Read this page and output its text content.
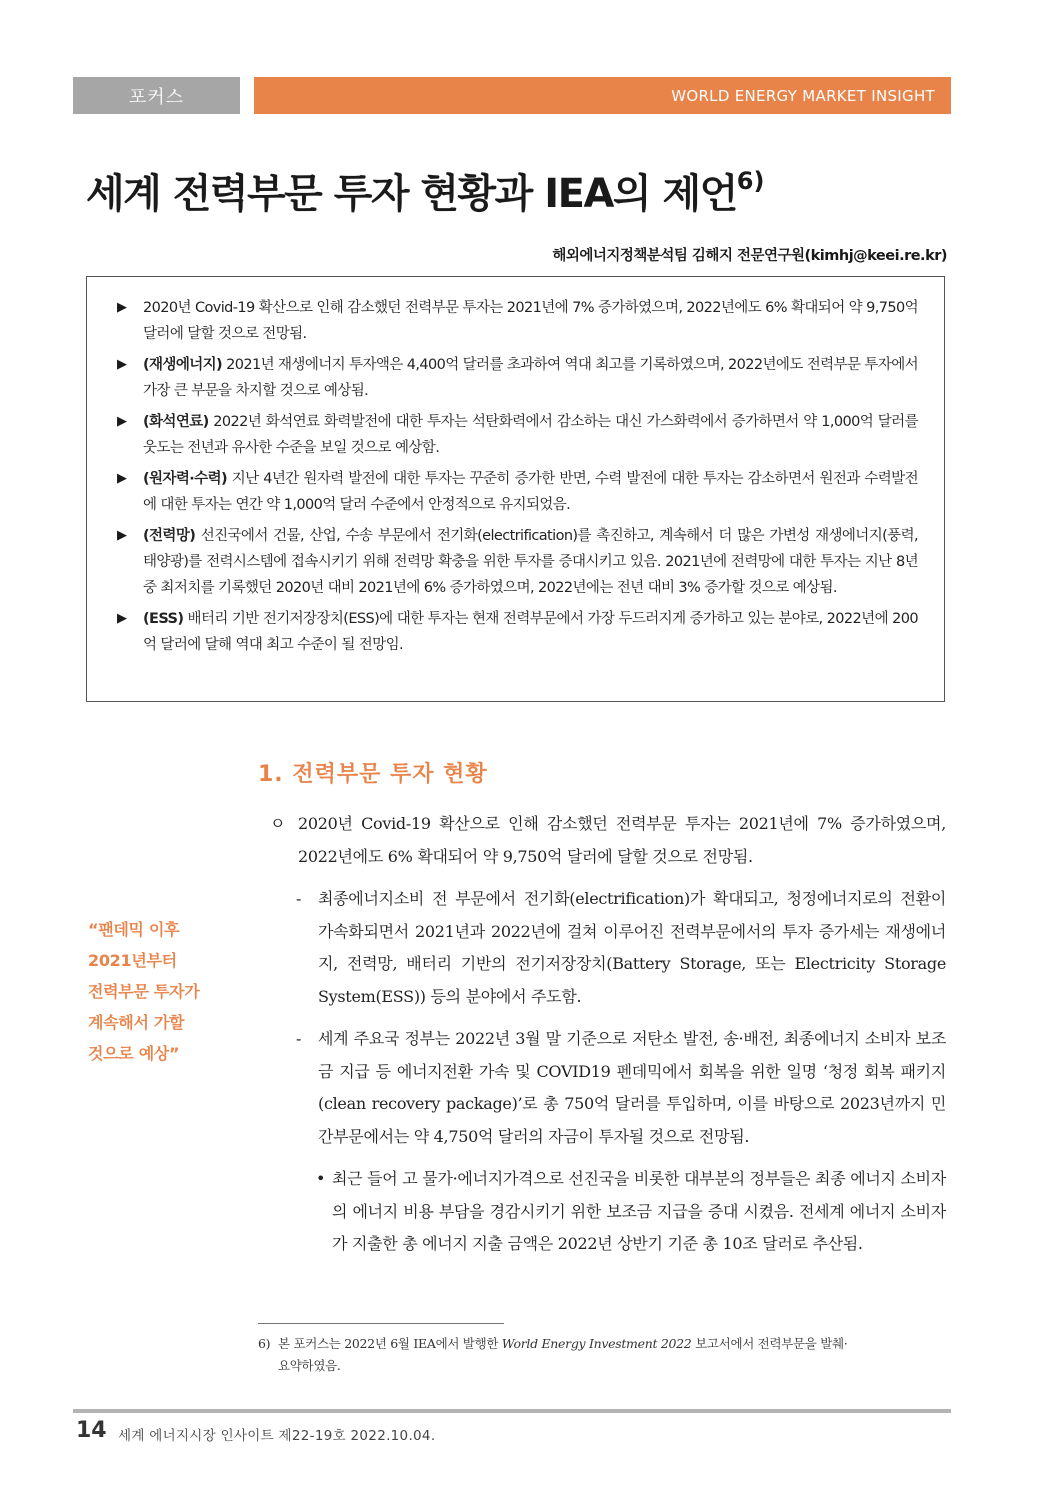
포커스	WORLD ENERGY MARKET INSIGHT
세계 전력부문 투자 현황과 IEA의 제언$^{6)}$
해외에너지정책분석팀 김해지 전문연구원(kimhj@keei.re.kr)
▶ 2020년 Covid-19 확산으로 인해 감소했던 전력부문 투자는 2021년에 7% 증가하였으며, 2022년에도 6% 확대되어 약 9,750억 달러에 달할 것으로 전망됨.
▶ (재생에너지) 2021년 재생에너지 투자액은 4,400억 달러를 초과하여 역대 최고를 기록하였으며, 2022년에도 전력부문 투자에서 가장 큰 부문을 차지할 것으로 예상됨.
▶ (화석연료) 2022년 화석연료 화력발전에 대한 투자는 석탄화력에서 감소하는 대신 가스화력에서 증가하면서 약 1,000억 달러를 웃도는 전년과 유사한 수준을 보일 것으로 예상함.
▶ (원자력·수력) 지난 4년간 원자력 발전에 대한 투자는 꾸준히 증가한 반면, 수력 발전에 대한 투자는 감소하면서 원전과 수력발전에 대한 투자는 연간 약 1,000억 달러 수준에서 안정적으로 유지되었음.
▶ (전력망) 선진국에서 건물, 산업, 수송 부문에서 전기화(electrification)를 촉진하고, 계속해서 더 많은 가변성 재생에너지(풍력, 태양광)를 전력시스템에 접속시키기 위해 전력망 확충을 위한 투자를 증대시키고 있음. 2021년에 전력망에 대한 투자는 지난 8년 중 최저치를 기록했던 2020년 대비 2021년에 6% 증가하였으며, 2022년에는 전년 대비 3% 증가할 것으로 예상됨.
▶ (ESS) 배터리 기반 전기저장장치(ESS)에 대한 투자는 현재 전력부문에서 가장 두드러지게 증가하고 있는 분야로, 2022년에 200억 달러에 달해 역대 최고 수준이 될 전망임.
1. 전력부문 투자 현황
ㅇ 2020년 Covid-19 확산으로 인해 감소했던 전력부문 투자는 2021년에 7% 증가하였으며, 2022년에도 6% 확대되어 약 9,750억 달러에 달할 것으로 전망됨.
- 최종에너지소비 전 부문에서 전기화(electrification)가 확대되고, 청정에너지로의 전환이 가속화되면서 2021년과 2022년에 걸쳐 이루어진 전력부문에서의 투자 증가세는 재생에너지, 전력망, 배터리 기반의 전기저장장치(Battery Storage, 또는 Electricity Storage System(ESS)) 등의 분야에서 주도함.
- 세계 주요국 정부는 2022년 3월 말 기준으로 저탄소 발전, 송·배전, 최종에너지 소비자 보조금 지급 등 에너지전환 가속 및 COVID19 펜데믹에서 회복을 위한 일명 ‘청정 회복 패키지(clean recovery package)’로 총 750억 달러를 투입하며, 이를 바탕으로 2023년까지 민간부문에서는 약 4,750억 달러의 자금이 투자될 것으로 전망됨.
• 최근 들어 고 물가·에너지가격으로 선진국을 비롯한 대부분의 정부들은 최종 에너지 소비자의 에너지 비용 부담을 경감시키기 위한 보조금 지급을 증대 시켰음. 전세계 에너지 소비자가 지출한 총 에너지 지출 금액은 2022년 상반기 기준 총 10조 달러로 추산됨.
“팬데믹 이후
2021년부터
전력부문 투자가
계속해서 가할
것으로 예상”
6) 본 포커스는 2022년 6월 IEA에서 발행한 World Energy Investment 2022 보고서에서 전력부문을 발췌·
요약하였음.
14 세계 에너지시장 인사이트 제22-19호 2022.10.04.
